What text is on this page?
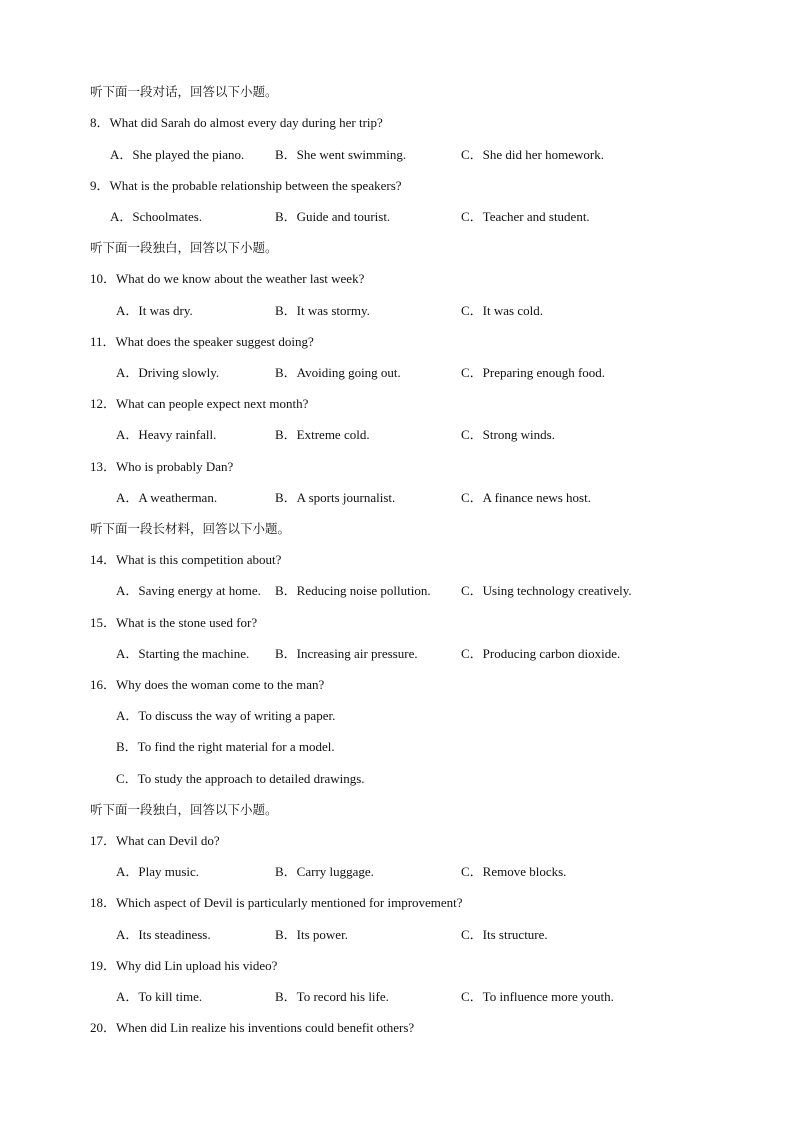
听下面一段对话，回答以下小题。
8．What did Sarah do almost every day during her trip?
A．She played the piano. B．She went swimming.	C．She did her homework.
9．What is the probable relationship between the speakers?
A．Schoolmates.	B．Guide and tourist.	C．Teacher and student.
听下面一段独白，回答以下小题。
10．What do we know about the weather last week?
A．It was dry.	B．It was stormy.	C．It was cold.
11．What does the speaker suggest doing?
A．Driving slowly.	B．Avoiding going out.	C．Preparing enough food.
12．What can people expect next month?
A．Heavy rainfall.	B．Extreme cold.	C．Strong winds.
13．Who is probably Dan?
A．A weatherman.	B．A sports journalist.	C．A finance news host.
听下面一段长材料，回答以下小题。
14．What is this competition about?
A．Saving energy at home. B．Reducing noise pollution. C．Using technology creatively.
15．What is the stone used for?
A．Starting the machine. B．Increasing air pressure.	C．Producing carbon dioxide.
16．Why does the woman come to the man?
A．To discuss the way of writing a paper.
B．To find the right material for a model.
C．To study the approach to detailed drawings.
听下面一段独白，回答以下小题。
17．What can Devil do?
A．Play music.	B．Carry luggage.	C．Remove blocks.
18．Which aspect of Devil is particularly mentioned for improvement?
A．Its steadiness.	B．Its power.	C．Its structure.
19．Why did Lin upload his video?
A．To kill time.	B．To record his life.	C．To influence more youth.
20．When did Lin realize his inventions could benefit others?
